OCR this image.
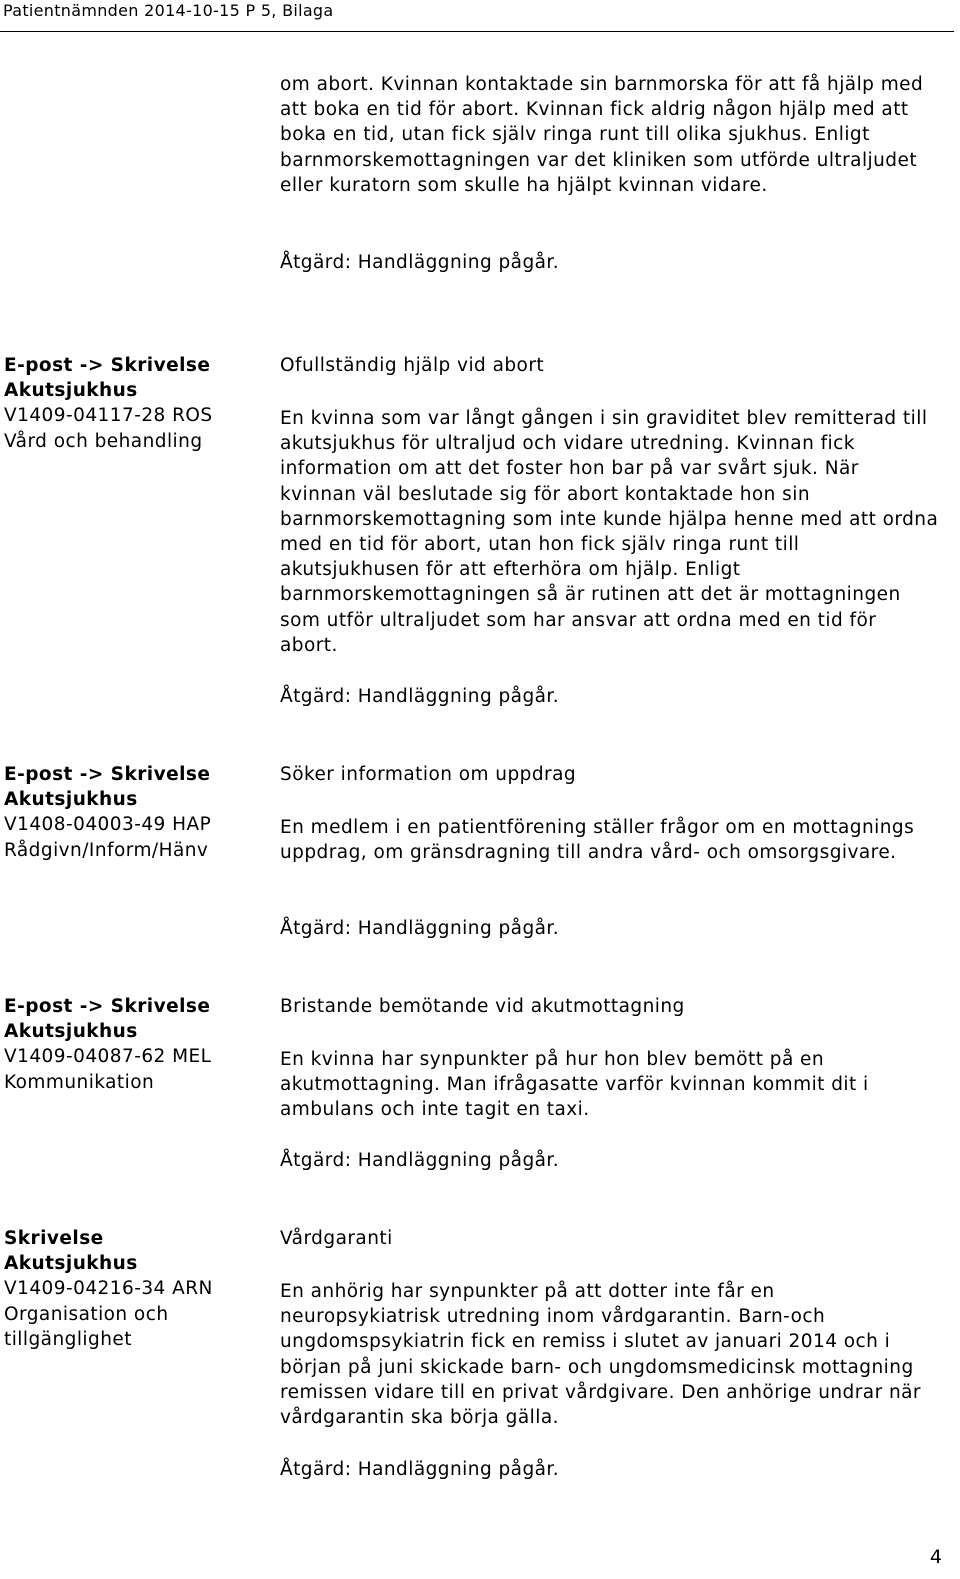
Patientnämnden 2014-10-15 P 5, Bilaga

om abort. Kvinnan kontaktade sin barnmorska för att få hjälp med att boka en tid för abort. Kvinnan fick aldrig någon hjälp med att boka en tid, utan fick själv ringa runt till olika sjukhus. Enligt barnmorskemottagningen var det kliniken som utförde ultraljudet eller kuratorn som skulle ha hjälpt kvinnan vidare.

Åtgärd: Handläggning pågår.

E-post -> Skrivelse
Akutsjukhus
V1409-04117-28 ROS
Vård och behandling

Ofullständig hjälp vid abort

En kvinna som var långt gången i sin graviditet blev remitterad till akutsjukhus för ultraljud och vidare utredning. Kvinnan fick information om att det foster hon bar på var svårt sjuk. När kvinnan väl beslutade sig för abort kontaktade hon sin barnmorskemottagning som inte kunde hjälpa henne med att ordna med en tid för abort, utan hon fick själv ringa runt till akutsjukhusen för att efterhöra om hjälp. Enligt barnmorskemottagningen så är rutinen att det är mottagningen som utför ultraljudet som har ansvar att ordna med en tid för abort.

Åtgärd: Handläggning pågår.

E-post -> Skrivelse
Akutsjukhus
V1408-04003-49 HAP
Rådgivn/Inform/Hänv

Söker information om uppdrag

En medlem i en patientförening ställer frågor om en mottagnings uppdrag, om gränsdragning till andra vård- och omsorgsgivare.

Åtgärd: Handläggning pågår.

E-post -> Skrivelse
Akutsjukhus
V1409-04087-62 MEL
Kommunikation

Bristande bemötande vid akutmottagning

En kvinna har synpunkter på hur hon blev bemött på en akutmottagning. Man ifrågasatte varför kvinnan kommit dit i ambulans och inte tagit en taxi.

Åtgärd: Handläggning pågår.

Skrivelse
Akutsjukhus
V1409-04216-34 ARN
Organisation och
tillgänglighet

Vårdgaranti

En anhörig har synpunkter på att dotter inte får en neuropsykiatrisk utredning inom vårdgarantin. Barn-och ungdomspsykiatrin fick en remiss i slutet av januari 2014 och i början på juni skickade barn- och ungdomsmedicinsk mottagning remissen vidare till en privat vårdgivare. Den anhörige undrar när vårdgarantin ska börja gälla.

Åtgärd: Handläggning pågår.

4
